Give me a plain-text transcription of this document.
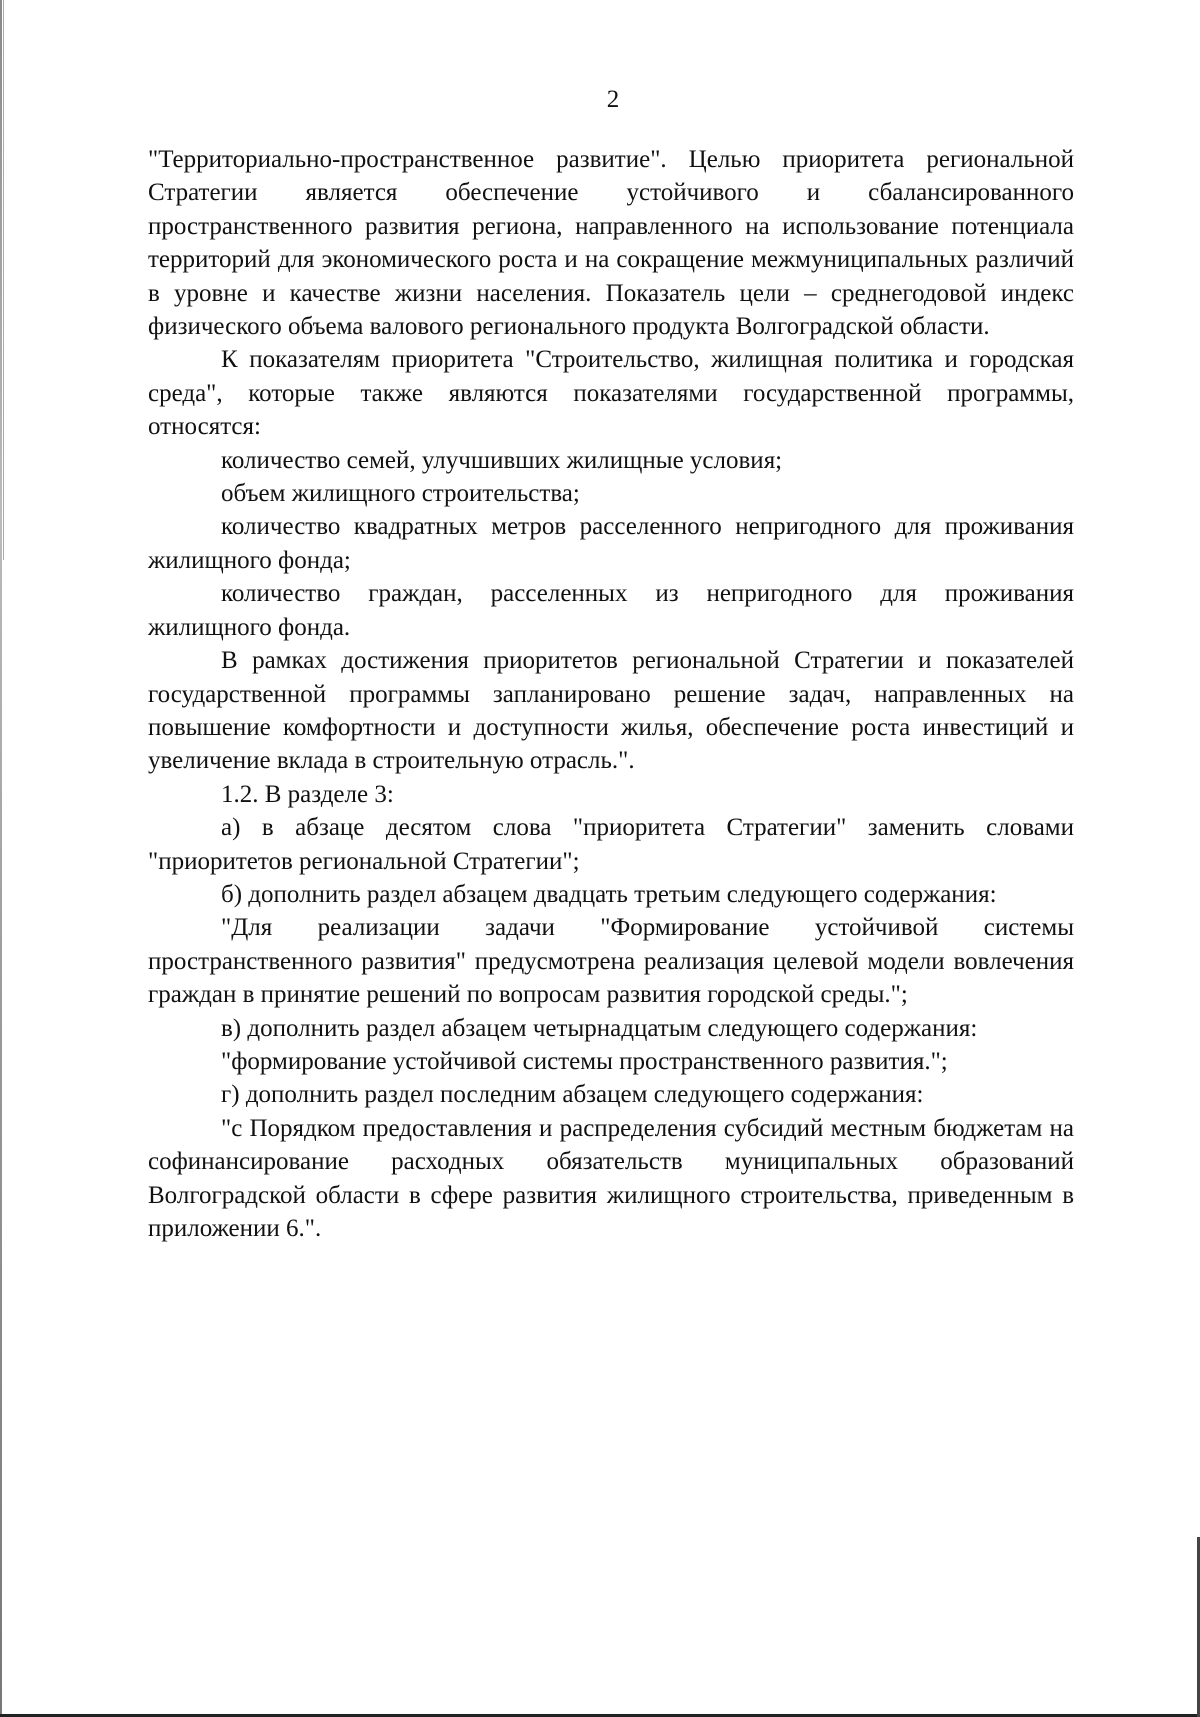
2

"Территориально-пространственное развитие". Целью приоритета региональной Стратегии является обеспечение устойчивого и сбалансированного пространственного развития региона, направленного на использование потенциала территорий для экономического роста и на сокращение межмуниципальных различий в уровне и качестве жизни населения. Показатель цели – среднегодовой индекс физического объема валового регионального продукта Волгоградской области.

К показателям приоритета "Строительство, жилищная политика и городская среда", которые также являются показателями государственной программы, относятся:

количество семей, улучшивших жилищные условия;

объем жилищного строительства;

количество квадратных метров расселенного непригодного для проживания жилищного фонда;

количество граждан, расселенных из непригодного для проживания жилищного фонда.

В рамках достижения приоритетов региональной Стратегии и показателей государственной программы запланировано решение задач, направленных на повышение комфортности и доступности жилья, обеспечение роста инвестиций и увеличение вклада в строительную отрасль.".

1.2. В разделе 3:

а) в абзаце десятом слова "приоритета Стратегии" заменить словами "приоритетов региональной Стратегии";

б) дополнить раздел абзацем двадцать третьим следующего содержания:

"Для реализации задачи "Формирование устойчивой системы пространственного развития" предусмотрена реализация целевой модели вовлечения граждан в принятие решений по вопросам развития городской среды.";

в) дополнить раздел абзацем четырнадцатым следующего содержания:

"формирование устойчивой системы пространственного развития.";

г) дополнить раздел последним абзацем следующего содержания:

"с Порядком предоставления и распределения субсидий местным бюджетам на софинансирование расходных обязательств муниципальных образований Волгоградской области в сфере развития жилищного строительства, приведенным в приложении 6.".
